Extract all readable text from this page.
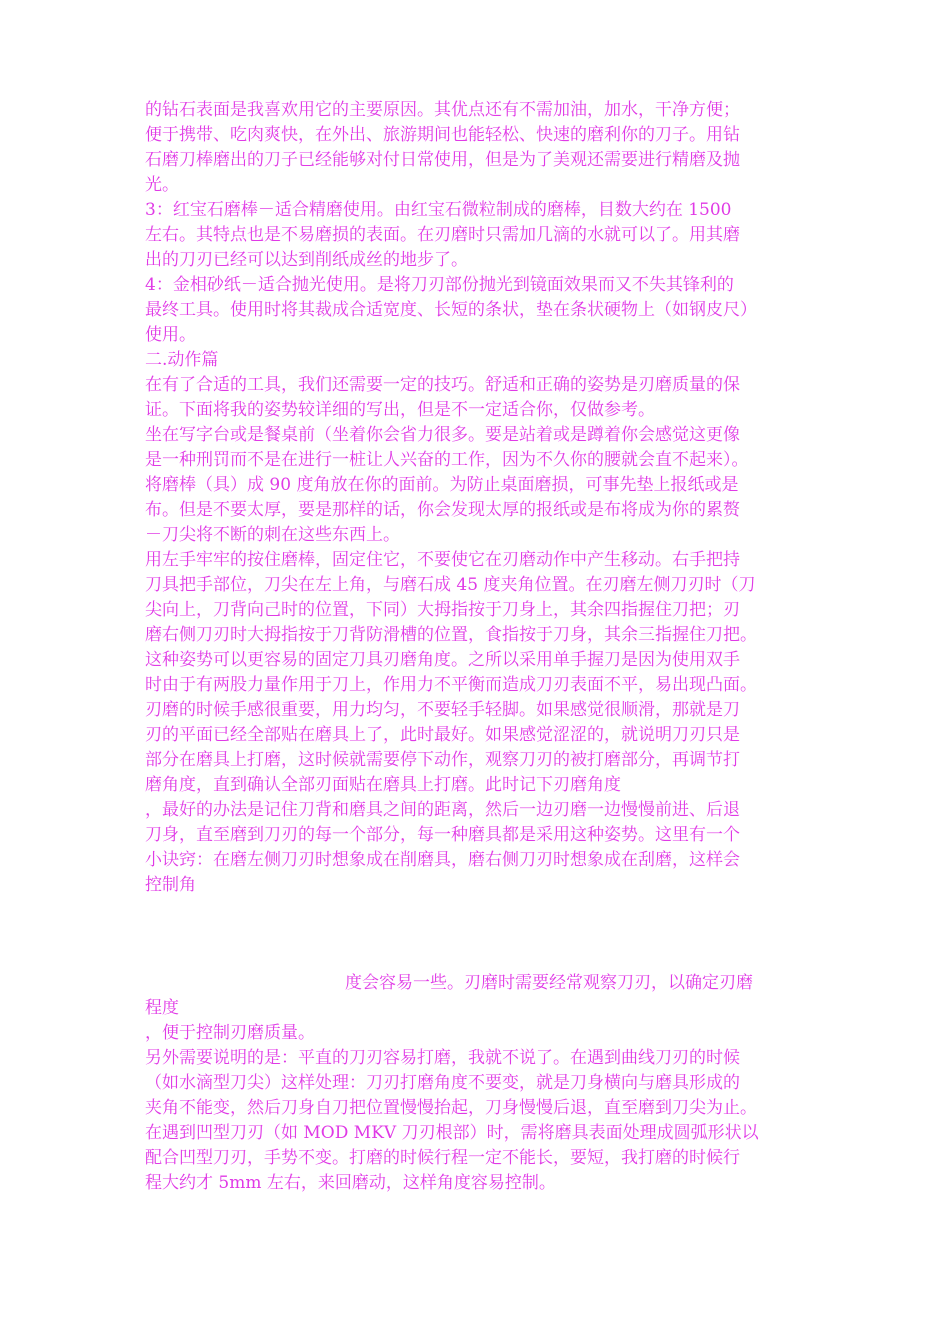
的钻石表面是我喜欢用它的主要原因。其优点还有不需加油，加水，干净方便；
便于携带、吃肉爽快，在外出、旅游期间也能轻松、快速的磨利你的刀子。用钻
石磨刀棒磨出的刀子已经能够对付日常使用，但是为了美观还需要进行精磨及抛
光。
3：红宝石磨棒－适合精磨使用。由红宝石微粒制成的磨棒，目数大约在 1500
左右。其特点也是不易磨损的表面。在刃磨时只需加几滴的水就可以了。用其磨
出的刀刃已经可以达到削纸成丝的地步了。
4：金相砂纸－适合抛光使用。是将刀刃部份抛光到镜面效果而又不失其锋利的
最终工具。使用时将其裁成合适宽度、长短的条状，垫在条状硬物上（如钢皮尺）
使用。
二.动作篇
在有了合适的工具，我们还需要一定的技巧。舒适和正确的姿势是刃磨质量的保
证。下面将我的姿势较详细的写出，但是不一定适合你，仅做参考。
坐在写字台或是餐桌前（坐着你会省力很多。要是站着或是蹲着你会感觉这更像
是一种刑罚而不是在进行一桩让人兴奋的工作，因为不久你的腰就会直不起来）。
将磨棒（具）成 90 度角放在你的面前。为防止桌面磨损，可事先垫上报纸或是
布。但是不要太厚，要是那样的话，你会发现太厚的报纸或是布将成为你的累赘
－刀尖将不断的刺在这些东西上。
用左手牢牢的按住磨棒，固定住它，不要使它在刃磨动作中产生移动。右手把持
刀具把手部位，刀尖在左上角，与磨石成 45 度夹角位置。在刃磨左侧刀刃时（刀
尖向上，刀背向己时的位置，下同）大拇指按于刀身上，其余四指握住刀把；刃
磨右侧刀刃时大拇指按于刀背防滑槽的位置，食指按于刀身，其余三指握住刀把。
这种姿势可以更容易的固定刀具刃磨角度。之所以采用单手握刀是因为使用双手
时由于有两股力量作用于刀上，作用力不平衡而造成刀刃表面不平，易出现凸面。
刃磨的时候手感很重要，用力均匀，不要轻手轻脚。如果感觉很顺滑，那就是刀
刃的平面已经全部贴在磨具上了，此时最好。如果感觉涩涩的，就说明刀刃只是
部分在磨具上打磨，这时候就需要停下动作，观察刀刃的被打磨部分，再调节打
磨角度，直到确认全部刃面贴在磨具上打磨。此时记下刃磨角度
，最好的办法是记住刀背和磨具之间的距离，然后一边刃磨一边慢慢前进、后退
刀身，直至磨到刀刃的每一个部分，每一种磨具都是采用这种姿势。这里有一个
小诀窍：在磨左侧刀刃时想象成在削磨具，磨右侧刀刃时想象成在刮磨，这样会
控制角
度会容易一些。刃磨时需要经常观察刀刃，以确定刃磨
程度
，便于控制刃磨质量。
另外需要说明的是：平直的刀刃容易打磨，我就不说了。在遇到曲线刀刃的时候
（如水滴型刀尖）这样处理：刀刃打磨角度不要变，就是刀身横向与磨具形成的
夹角不能变，然后刀身自刀把位置慢慢抬起，刀身慢慢后退，直至磨到刀尖为止。
在遇到凹型刀刃（如 MOD MKV 刀刃根部）时，需将磨具表面处理成圆弧形状以
配合凹型刀刃，手势不变。打磨的时候行程一定不能长，要短，我打磨的时候行
程大约才 5mm 左右，来回磨动，这样角度容易控制。
